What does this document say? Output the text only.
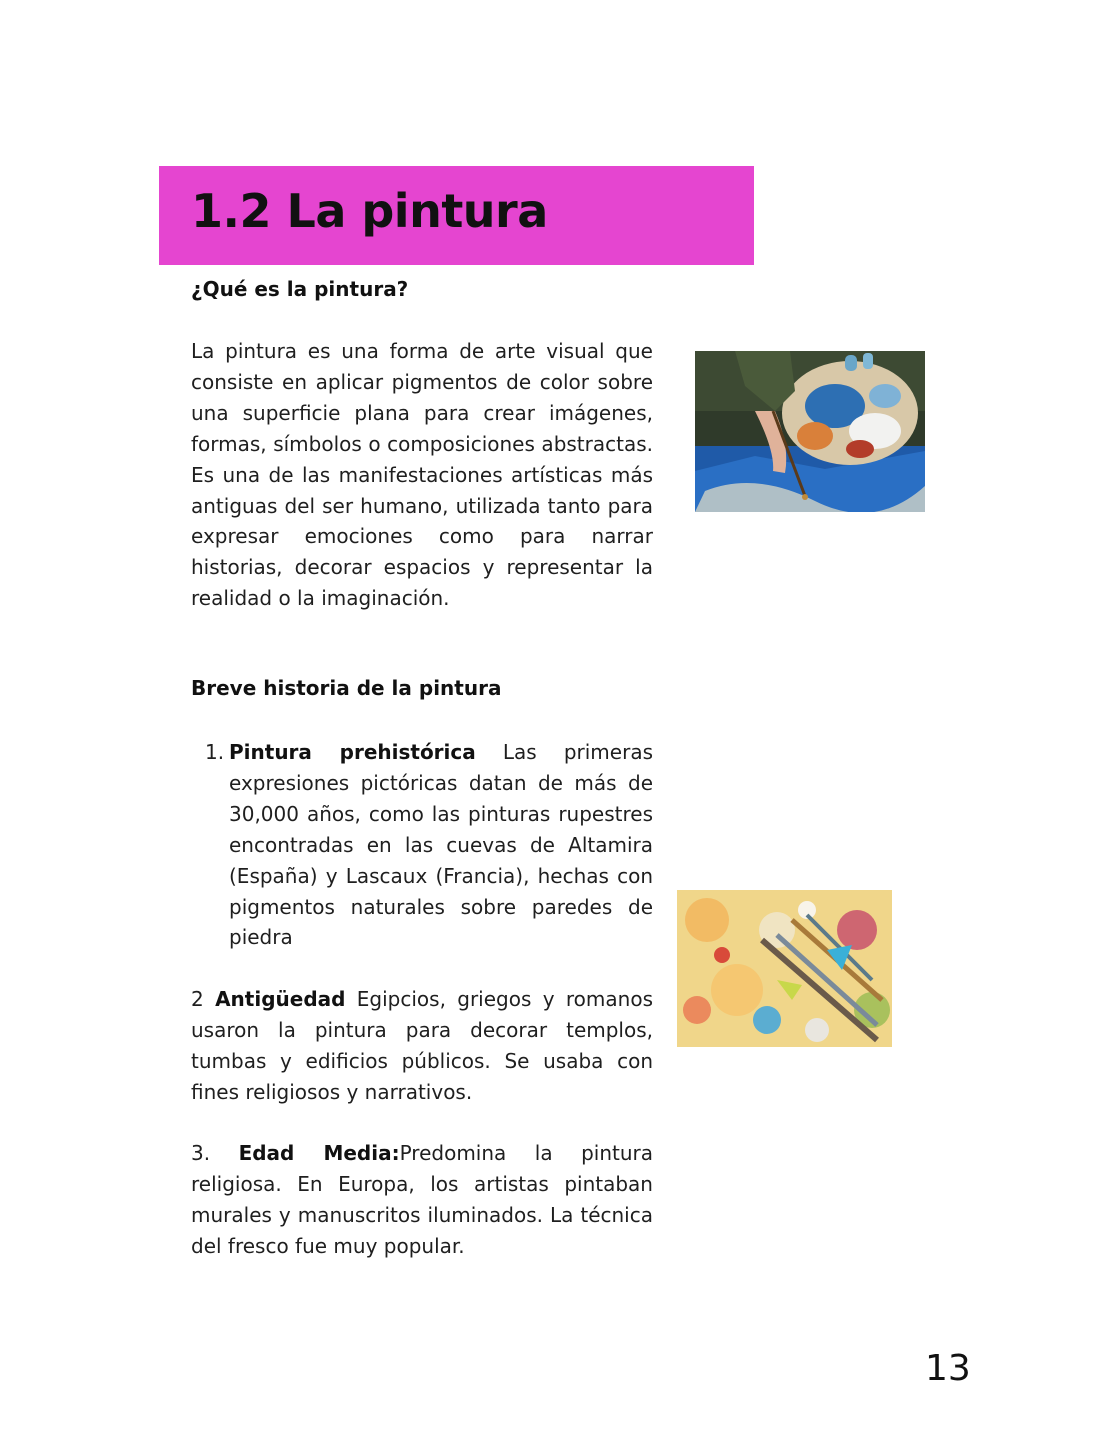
1.2 La pintura
¿Qué es la pintura?

La pintura es una forma de arte visual que consiste en aplicar pigmentos de color sobre una superficie plana para crear imágenes, formas, símbolos o composiciones abstractas. Es una de las manifestaciones artísticas más antiguas del ser humano, utilizada tanto para expresar emociones como para narrar historias, decorar espacios y representar la realidad o la imaginación.

Breve historia de la pintura
1. Pintura prehistórica Las primeras expresiones pictóricas datan de más de 30,000 años, como las pinturas rupestres encontradas en las cuevas de Altamira (España) y Lascaux (Francia), hechas con pigmentos naturales sobre paredes de piedra

2 Antigüedad Egipcios, griegos y romanos usaron la pintura para decorar templos, tumbas y edificios públicos. Se usaba con fines religiosos y narrativos.

3. Edad Media:Predomina la pintura religiosa. En Europa, los artistas pintaban murales y manuscritos iluminados. La técnica del fresco fue muy popular.

13
